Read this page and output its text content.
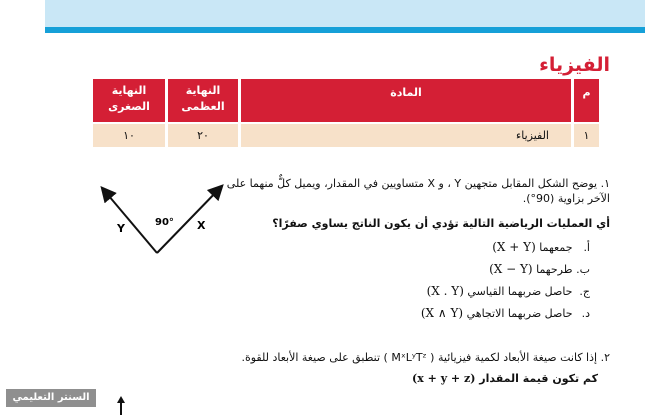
الفيزياء
م
المادة
النهاية
العظمى
النهاية
الصغرى
١
الفيزياء
٢٠
١٠
١. يوضح الشكل المقابل متجهين Y ، و X متساويين في المقدار، ويميل كلٌّ منهما على الآخر بزاوية (90°).
أي العمليات الرياضية التالية تؤدي أن يكون الناتج يساوي صفرًا؟
أ. جمعهما (X + Y)
ب. طرحهما (X − Y)
ج. حاصل ضربهما القياسي (X . Y)
د. حاصل ضربهما الاتجاهي (X ∧ Y)
Y	X
90°
٢. إذا كانت صيغة الأبعاد لكمية فيزيائية ( MˣLʸTᶻ ) تنطبق على صيغة الأبعاد للقوة.
كم تكون قيمة المقدار (x + y + z)
السنتر التعليمي
